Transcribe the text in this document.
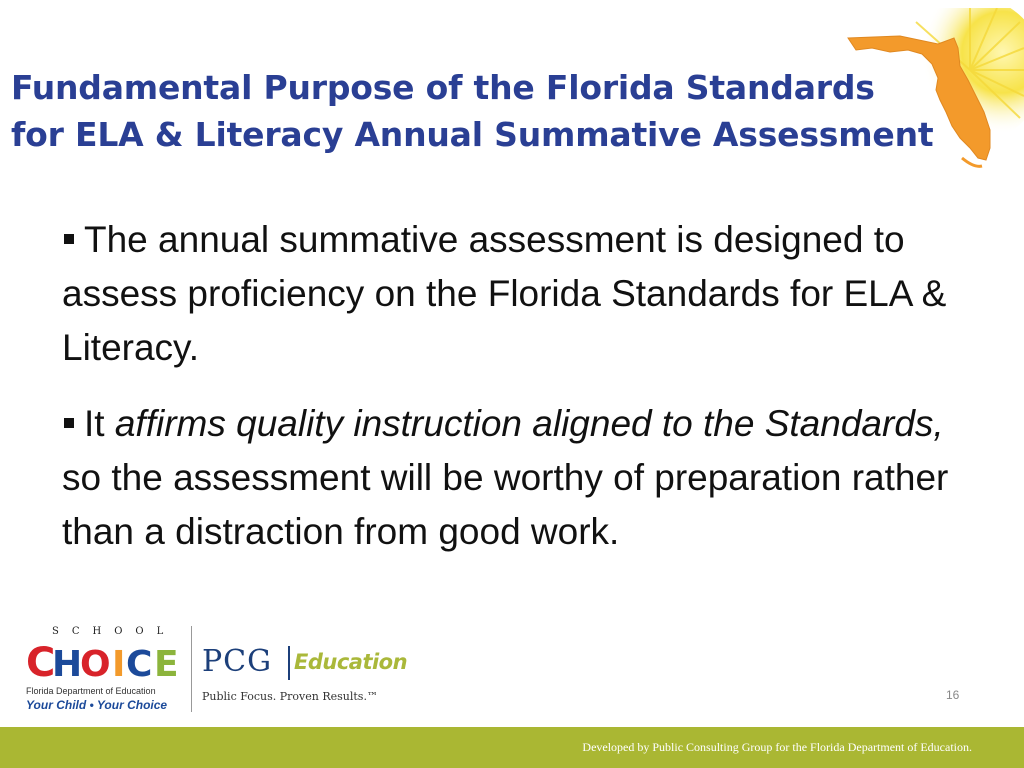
Fundamental Purpose of the Florida Standards
for ELA & Literacy Annual Summative Assessment

The annual summative assessment is designed to assess proficiency on the Florida Standards for ELA & Literacy.

It affirms quality instruction aligned to the Standards, so the assessment will be worthy of preparation rather than a distraction from good work.

SCHOOL
C
H
O I C E
Florida Department of Education
Your Child • Your Choice
PCG Education
Public Focus. Proven Results.™	16
Developed by Public Consulting Group for the Florida Department of Education.
